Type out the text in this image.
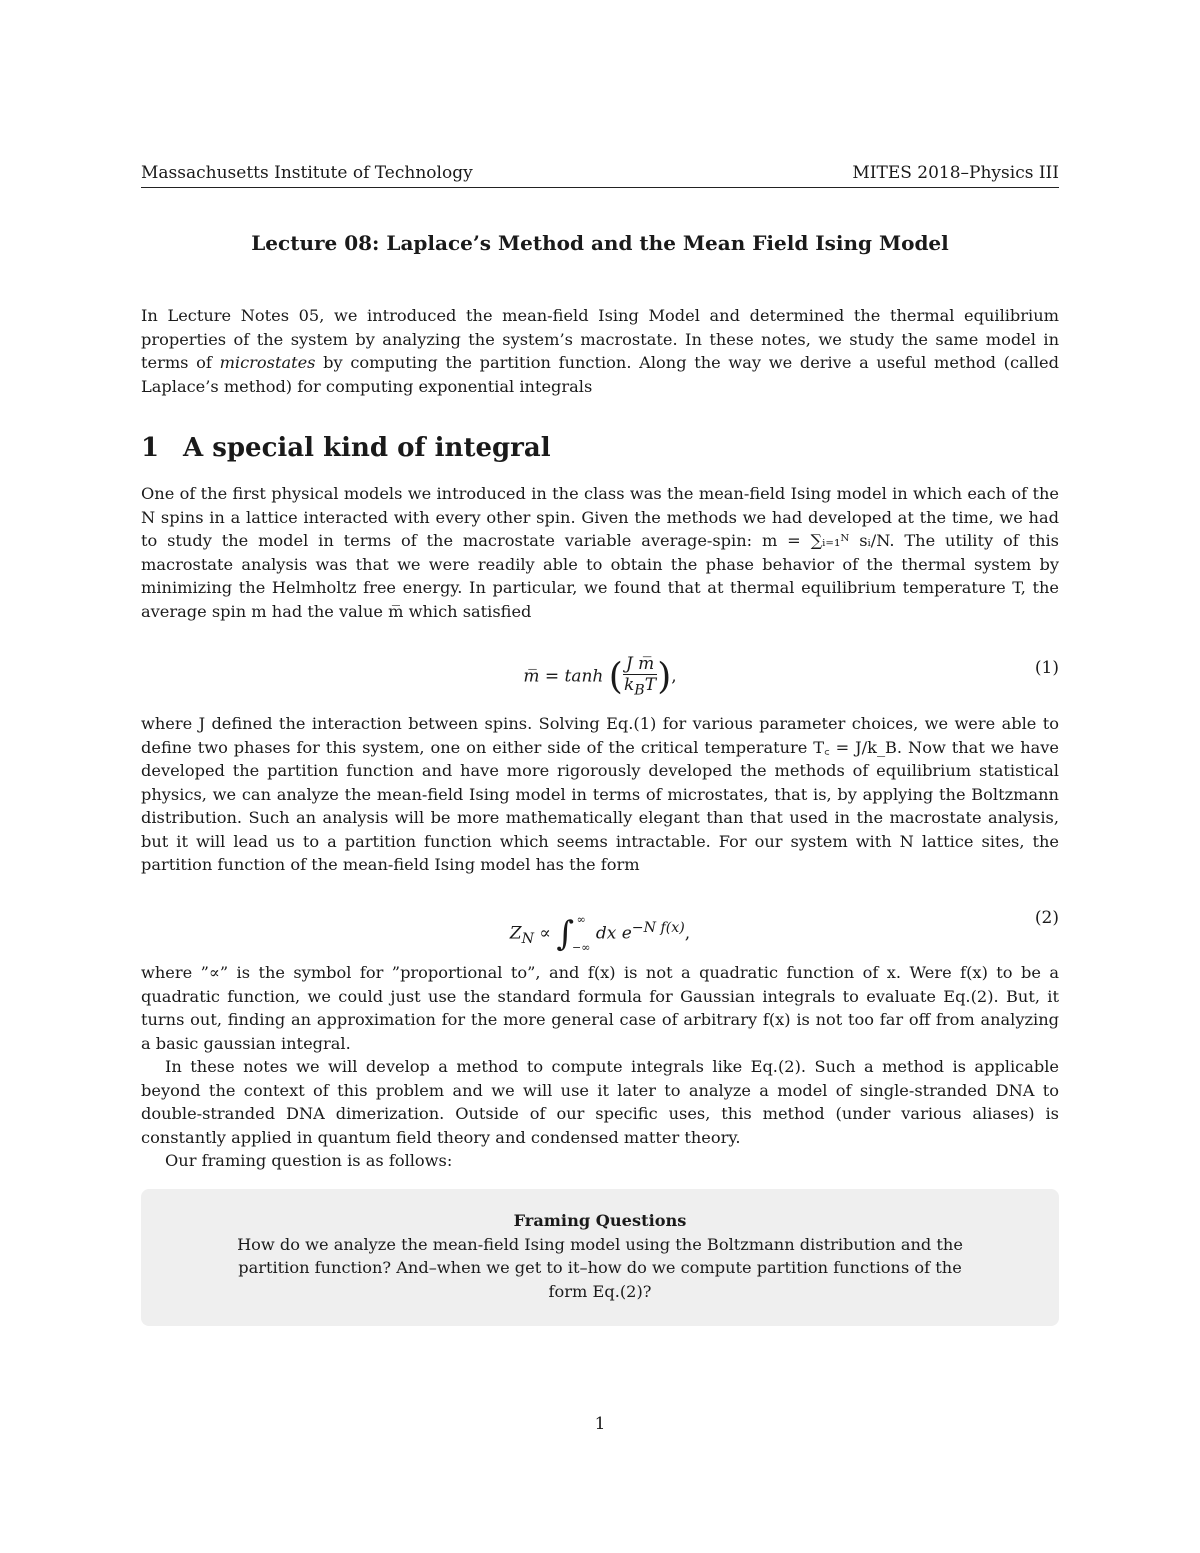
Massachusetts Institute of Technology	MITES 2018–Physics III
Lecture 08: Laplace’s Method and the Mean Field Ising Model

In Lecture Notes 05, we introduced the mean-field Ising Model and determined the thermal equilibrium properties of the system by analyzing the system’s macrostate. In these notes, we study the same model in terms of microstates by computing the partition function. Along the way we derive a useful method (called Laplace’s method) for computing exponential integrals

1 A special kind of integral

One of the first physical models we introduced in the class was the mean-field Ising model in which each of the N spins in a lattice interacted with every other spin. Given the methods we had developed at the time, we had to study the model in terms of the macrostate variable average-spin: m = ∑ᵢ₌₁ᴺ sᵢ/N. The utility of this macrostate analysis was that we were readily able to obtain the phase behavior of the thermal system by minimizing the Helmholtz free energy. In particular, we found that at thermal equilibrium temperature T, the average spin m had the value m̅ which satisfied

m̅ = tanh ( $\frac{\text{J m̅}}{k_BT}$ ),	(1)

where J defined the interaction between spins. Solving Eq.(1) for various parameter choices, we were able to define two phases for this system, one on either side of the critical temperature T꜀ = J/k_B. Now that we have developed the partition function and have more rigorously developed the methods of equilibrium statistical physics, we can analyze the mean-field Ising model in terms of microstates, that is, by applying the Boltzmann distribution. Such an analysis will be more mathematically elegant than that used in the macrostate analysis, but it will lead us to a partition function which seems intractable. For our system with N lattice sites, the partition function of the mean-field Ising model has the form

$Z_N$ ∝ ∫ ∞
−∞
dx $e^{-N f(x)}$,
(2)

where ”∝” is the symbol for ”proportional to”, and f(x) is not a quadratic function of x. Were f(x) to be a quadratic function, we could just use the standard formula for Gaussian integrals to evaluate Eq.(2). But, it turns out, finding an approximation for the more general case of arbitrary f(x) is not too far off from analyzing a basic gaussian integral.

In these notes we will develop a method to compute integrals like Eq.(2). Such a method is applicable beyond the context of this problem and we will use it later to analyze a model of single-stranded DNA to double-stranded DNA dimerization. Outside of our specific uses, this method (under various aliases) is constantly applied in quantum field theory and condensed matter theory.

Our framing question is as follows:

Framing Questions
How do we analyze the mean-field Ising model using the Boltzmann distribution and the partition function? And–when we get to it–how do we compute partition functions of the form Eq.(2)?
1
